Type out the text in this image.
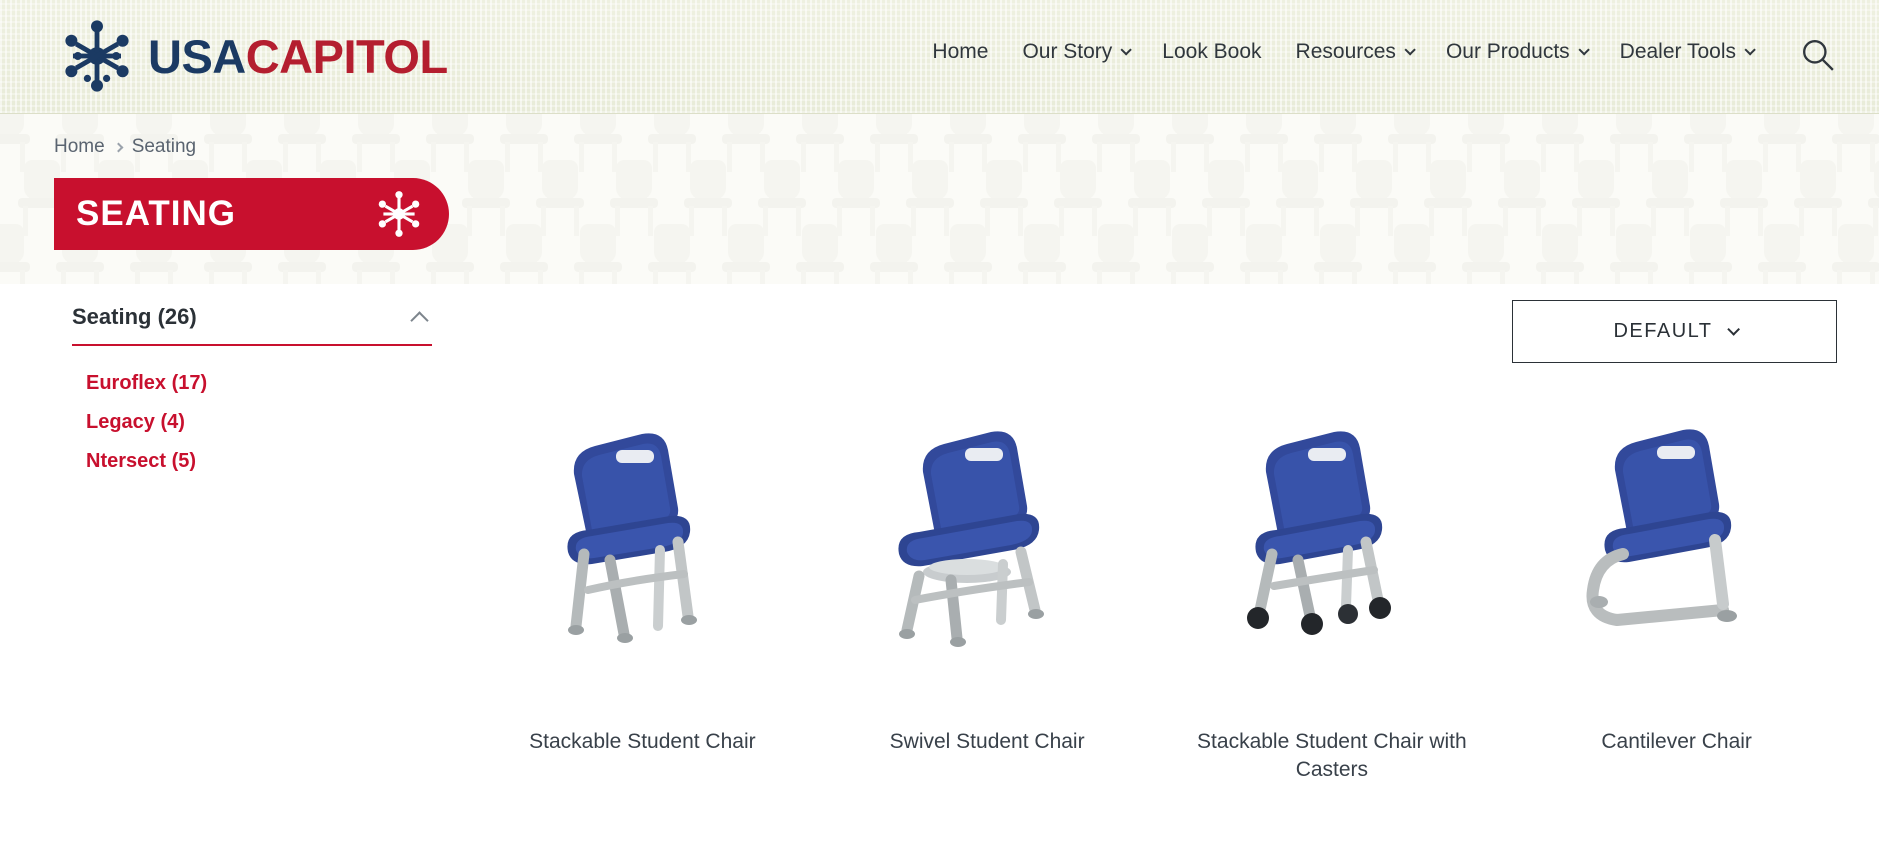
USACAPITOL	Home Our Story Look Book Resources Our Products Dealer Tools
Home Seating
SEATING
Seating (26)
Euroflex (17)
Legacy (4)
Ntersect (5)
DEFAULT
Stackable Student Chair	Swivel Student Chair	Stackable Student Chair with Casters
Cantilever Chair
